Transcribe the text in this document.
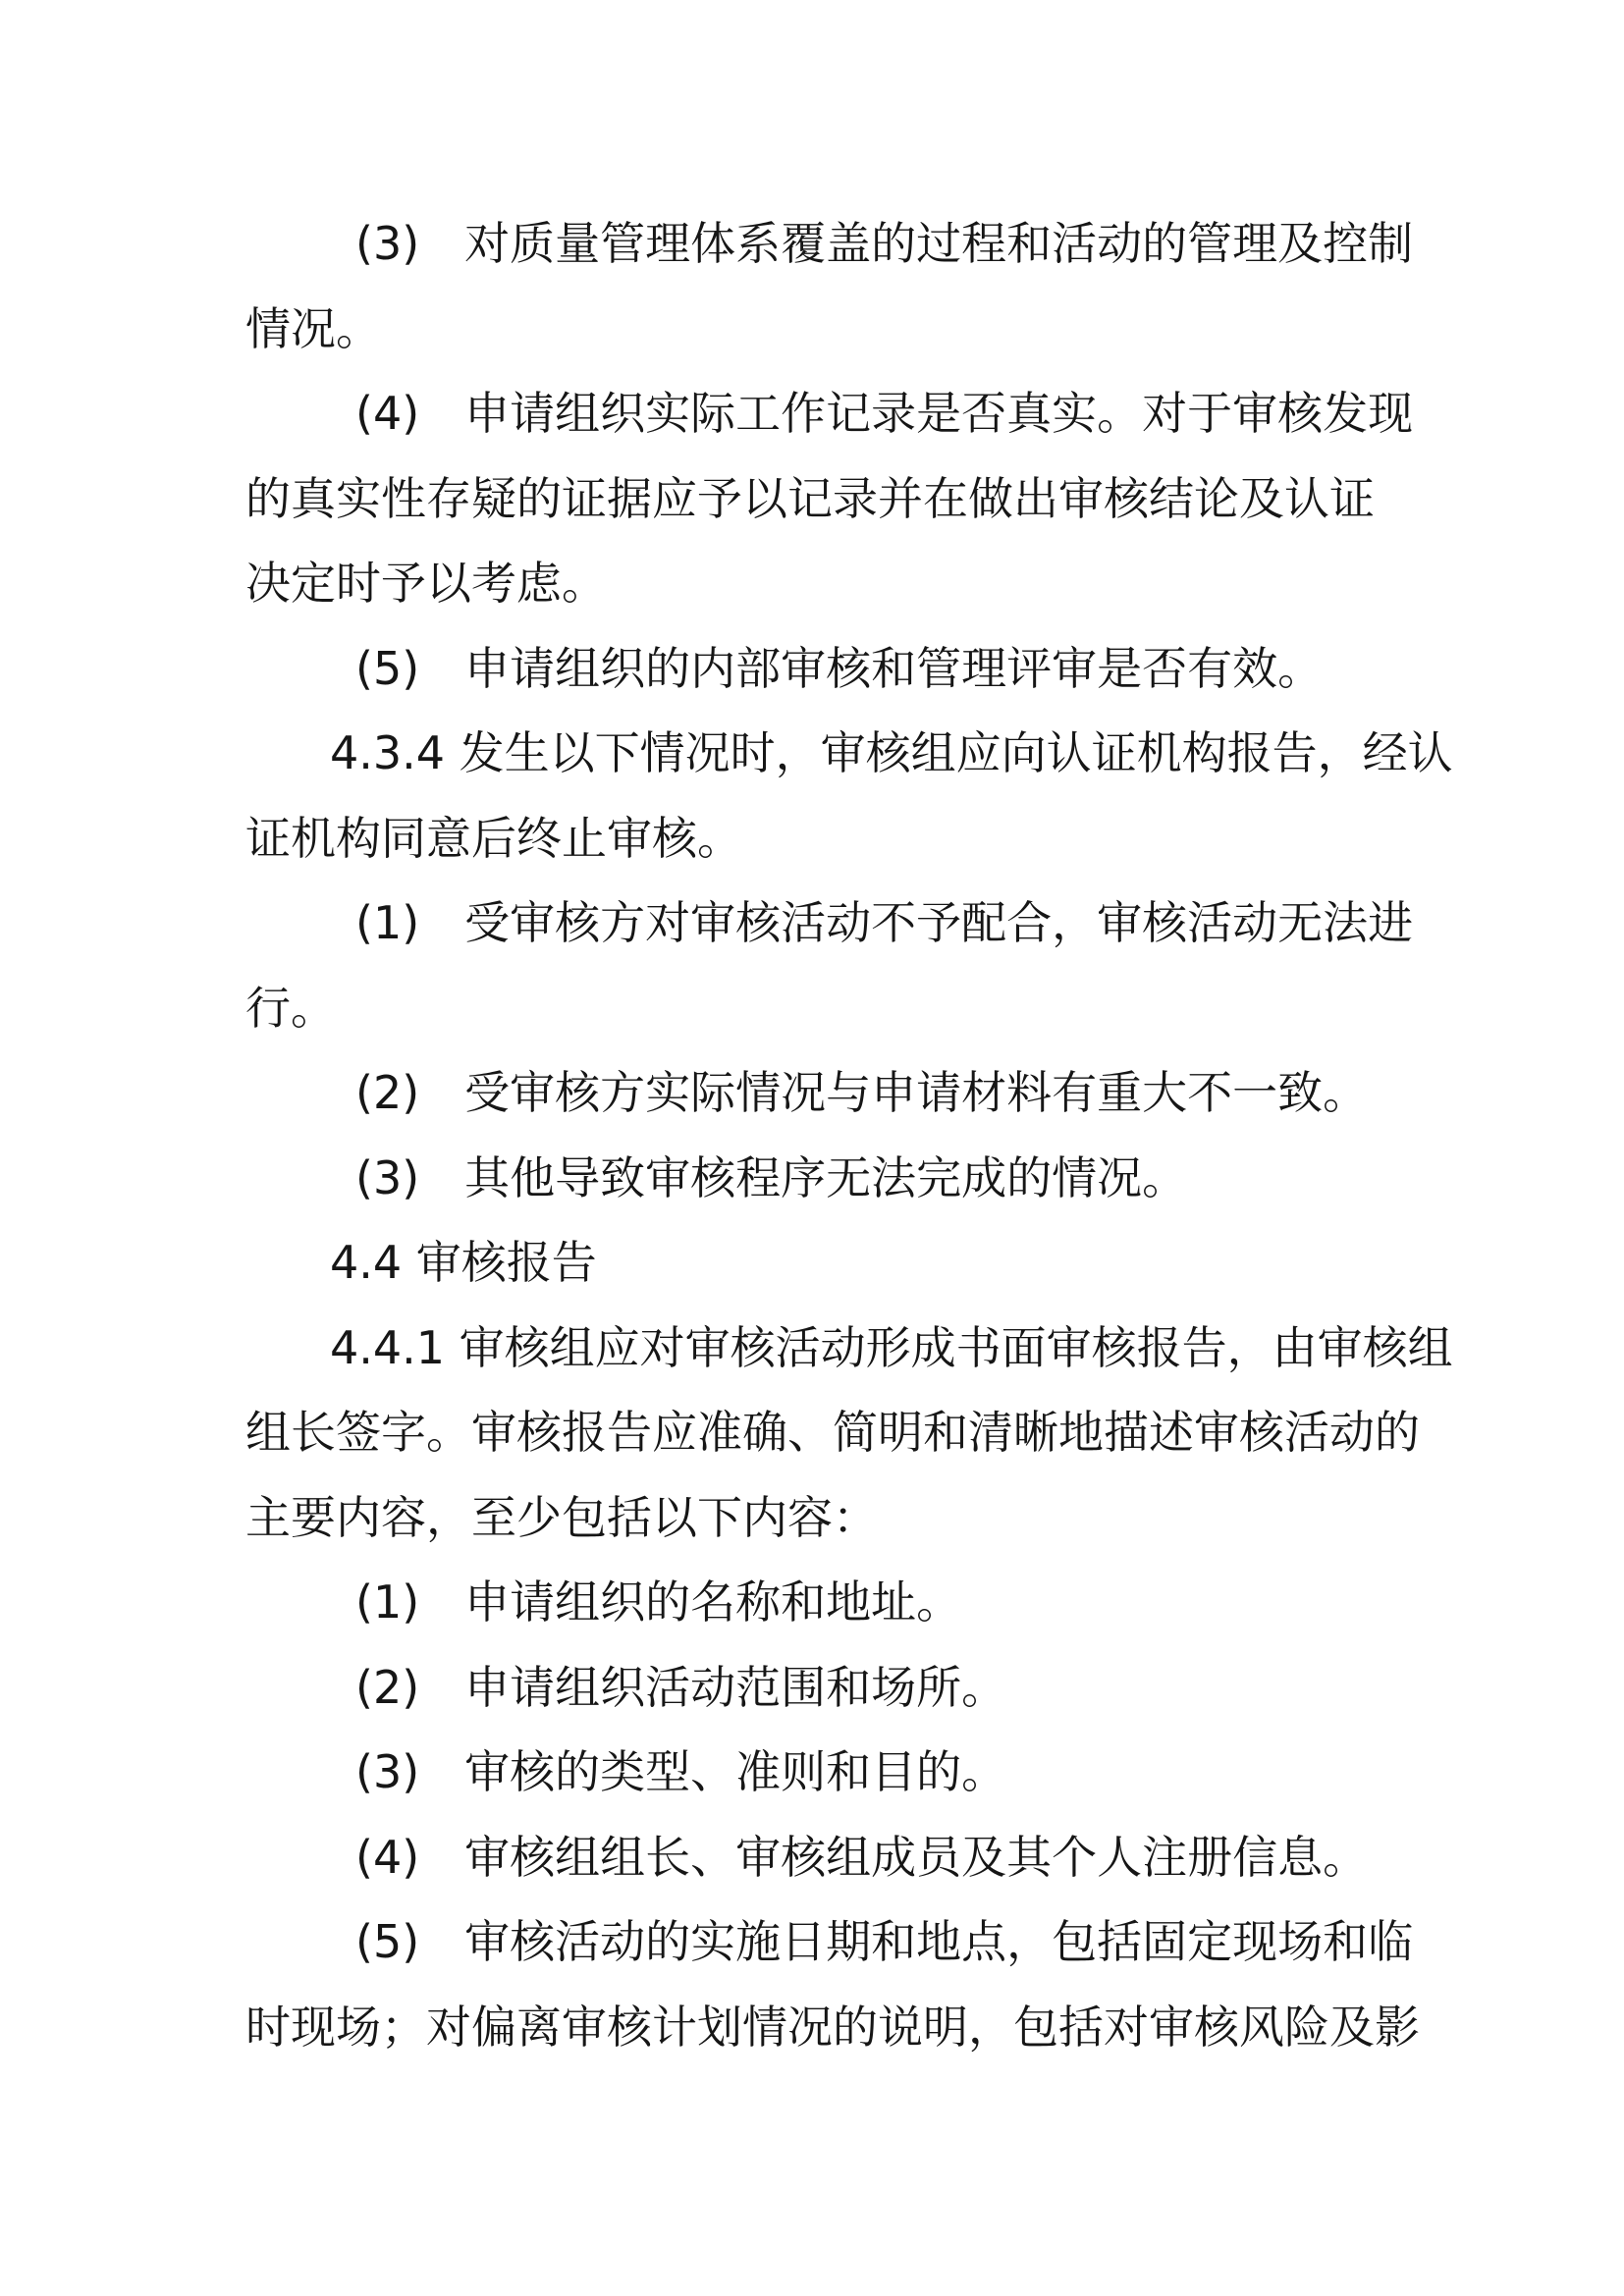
(3)　对质量管理体系覆盖的过程和活动的管理及控制
情况。
(4)　申请组织实际工作记录是否真实。对于审核发现
的真实性存疑的证据应予以记录并在做出审核结论及认证
决定时予以考虑。
(5)　申请组织的内部审核和管理评审是否有效。
4.3.4 发生以下情况时，审核组应向认证机构报告，经认
证机构同意后终止审核。
(1)　受审核方对审核活动不予配合，审核活动无法进
行。
(2)　受审核方实际情况与申请材料有重大不一致。
(3)　其他导致审核程序无法完成的情况。
4.4 审核报告
4.4.1 审核组应对审核活动形成书面审核报告，由审核组
组长签字。审核报告应准确、简明和清晰地描述审核活动的
主要内容，至少包括以下内容：
(1)　申请组织的名称和地址。
(2)　申请组织活动范围和场所。
(3)　审核的类型、准则和目的。
(4)　审核组组长、审核组成员及其个人注册信息。
(5)　审核活动的实施日期和地点，包括固定现场和临
时现场；对偏离审核计划情况的说明，包括对审核风险及影
